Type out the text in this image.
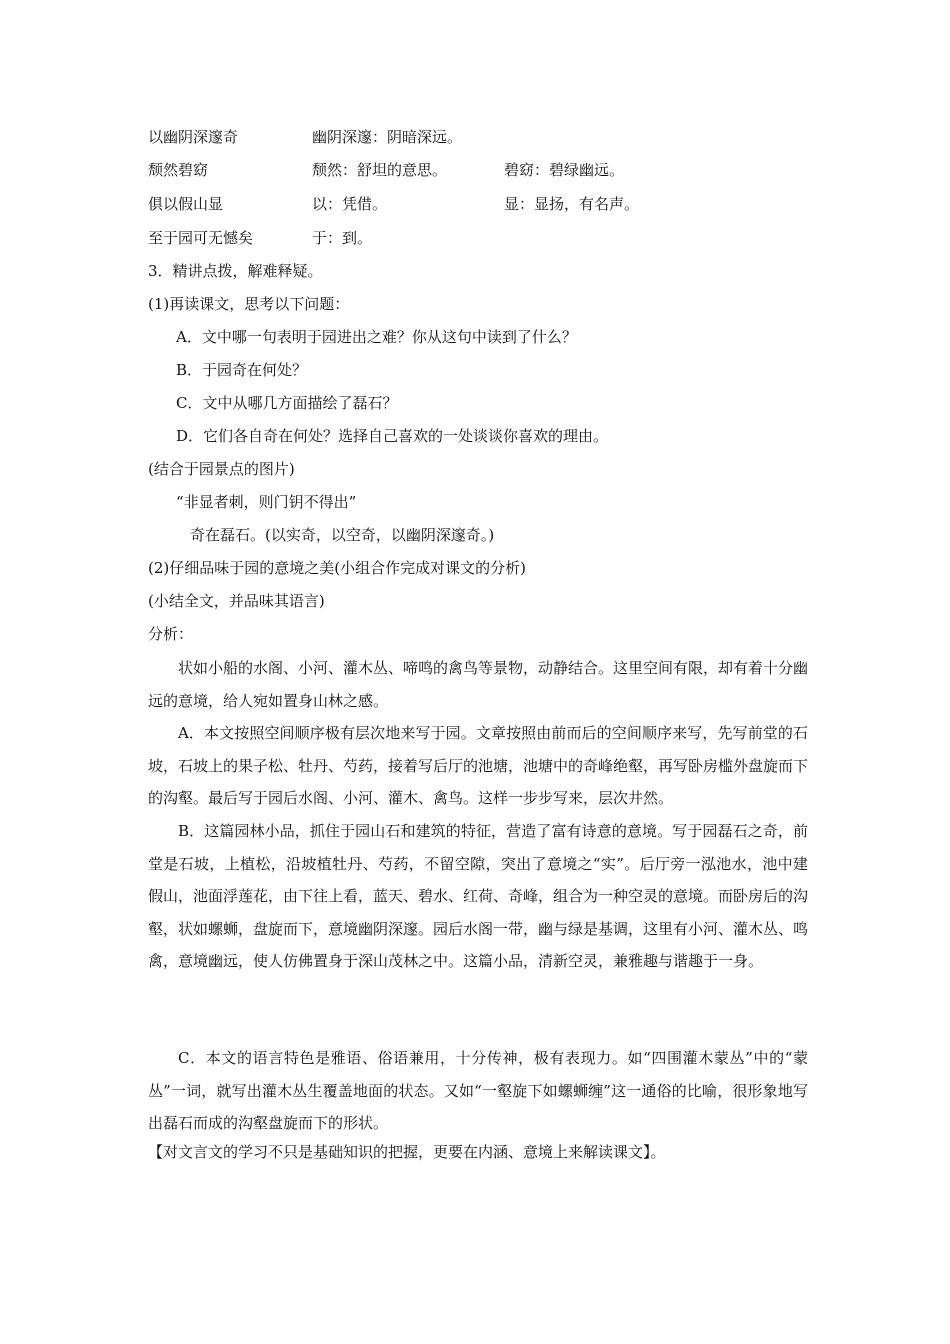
以幽阴深邃奇	幽阴深邃：阴暗深远。
颓然碧窈	颓然：舒坦的意思。	碧窈：碧绿幽远。
俱以假山显	以：凭借。	显：显扬，有名声。
至于园可无憾矣	于：到。
3．精讲点拨，解难释疑。
(1)再读课文，思考以下问题：
A．文中哪一句表明于园进出之难？你从这句中读到了什么？
B．于园奇在何处？
C．文中从哪几方面描绘了磊石？
D．它们各自奇在何处？选择自己喜欢的一处谈谈你喜欢的理由。
(结合于园景点的图片)
“非显者刺，则门钥不得出”
奇在磊石。(以实奇，以空奇，以幽阴深邃奇。)
(2)仔细品味于园的意境之美(小组合作完成对课文的分析)
(小结全文，并品味其语言)
分析：

状如小船的水阁、小河、灌木丛、啼鸣的禽鸟等景物，动静结合。这里空间有限，却有着十分幽远的意境，给人宛如置身山林之感。

A．本文按照空间顺序极有层次地来写于园。文章按照由前而后的空间顺序来写，先写前堂的石坡，石坡上的果子松、牡丹、芍药，接着写后厅的池塘，池塘中的奇峰绝壑，再写卧房槛外盘旋而下的沟壑。最后写于园后水阁、小河、灌木、禽鸟。这样一步步写来，层次井然。

B．这篇园林小品，抓住于园山石和建筑的特征，营造了富有诗意的意境。写于园磊石之奇，前堂是石坡，上植松，沿坡植牡丹、芍药，不留空隙，突出了意境之“实”。后厅旁一泓池水，池中建假山，池面浮莲花，由下往上看，蓝天、碧水、红荷、奇峰，组合为一种空灵的意境。而卧房后的沟壑，状如螺蛳，盘旋而下，意境幽阴深邃。园后水阁一带，幽与绿是基调，这里有小河、灌木丛、鸣禽，意境幽远，使人仿佛置身于深山茂林之中。这篇小品，清新空灵，兼雅趣与谐趣于一身。

C．本文的语言特色是雅语、俗语兼用，十分传神，极有表现力。如“四围灌木蒙丛”中的“蒙丛”一词，就写出灌木丛生覆盖地面的状态。又如“一壑旋下如螺蛳缠”这一通俗的比喻，很形象地写出磊石而成的沟壑盘旋而下的形状。

【对文言文的学习不只是基础知识的把握，更要在内涵、意境上来解读课文】。
